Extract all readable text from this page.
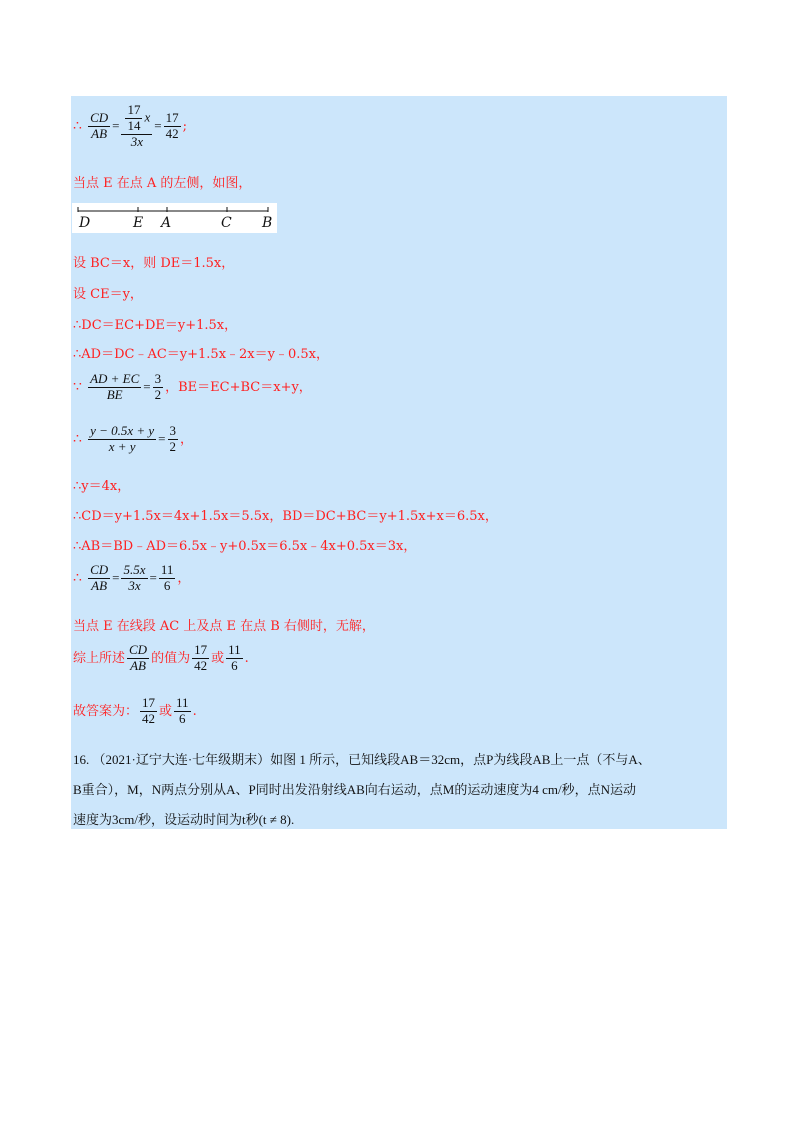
∴ $\frac{CD}{AB} = \frac{\frac{17}{14} x}{3x} = \frac{17}{42}$ ;
当点 E 在点 A 的左侧，如图，
D	E A	C B
设 BC＝x，则 DE＝1.5x，
设 CE＝y，
∴DC＝EC+DE＝y+1.5x，
∴AD＝DC﹣AC＝y+1.5x﹣2x＝y﹣0.5x，
∵ $\frac{AD + EC}{BE} = \frac{3}{2}$ ，BE＝EC+BC＝x+y，
∴ $\frac{y - 0.5x + y}{x + y} = \frac{3}{2}$ ，
∴y＝4x，
∴CD＝y+1.5x＝4x+1.5x＝5.5x，BD＝DC+BC＝y+1.5x+x＝6.5x，
∴AB＝BD﹣AD＝6.5x﹣y+0.5x＝6.5x﹣4x+0.5x＝3x，
∴ $\frac{CD}{AB} = \frac{5.5x}{3x} = \frac{11}{6}$ ，
当点 E 在线段 AC 上及点 E 在点 B 右侧时，无解，
综上所述 $\frac{CD}{AB}$ 的值为 $\frac{17}{42}$ 或 $\frac{11}{6}$ .
故答案为： $\frac{17}{42}$ 或 $\frac{11}{6}$ .
16. （2021·辽宁大连·七年级期末）如图 1 所示，已知线段AB＝32cm，点P为线段AB上一点（不与A、
B重合），M，N两点分别从A、P同时出发沿射线AB向右运动，点M的运动速度为4 cm/秒，点N运动
速度为3cm/秒，设运动时间为t秒(t ≠ 8).
